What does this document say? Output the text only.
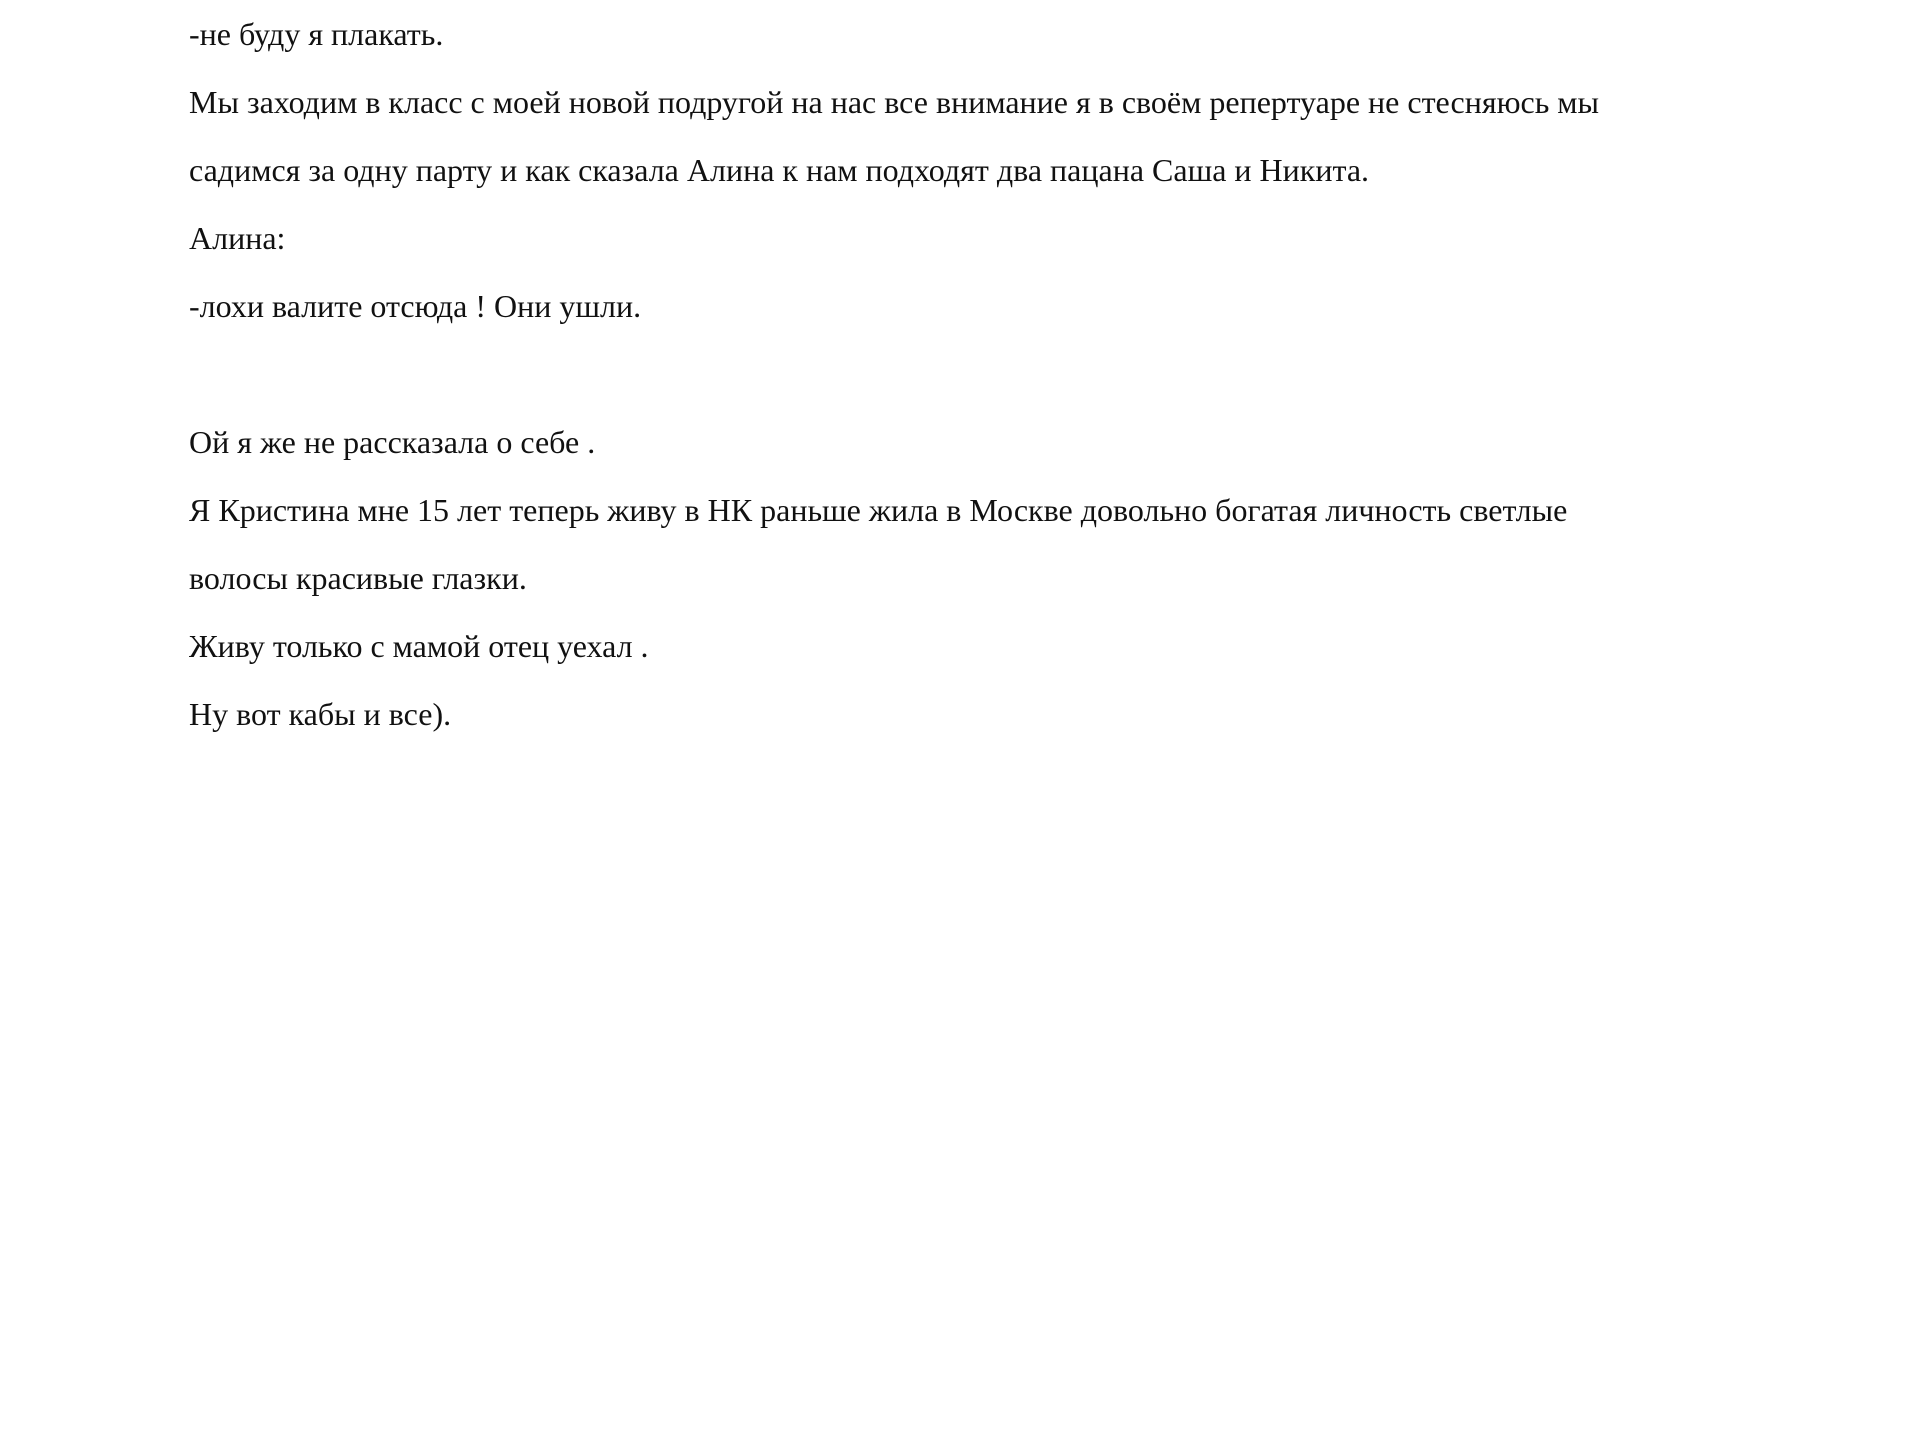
-не буду я плакать.
Мы заходим в класс с моей новой подругой на нас все внимание я в своём репертуаре не стесняюсь мы
садимся за одну парту и как сказала Алина к нам подходят два пацана Саша и Никита.
Алина:
-лохи валите отсюда ! Они ушли.
Ой я же не рассказала о себе .
Я Кристина мне 15 лет теперь живу в НК раньше жила в Москве довольно богатая личность светлые
волосы красивые глазки.
Живу только с мамой отец уехал .
Ну вот кабы и все).
